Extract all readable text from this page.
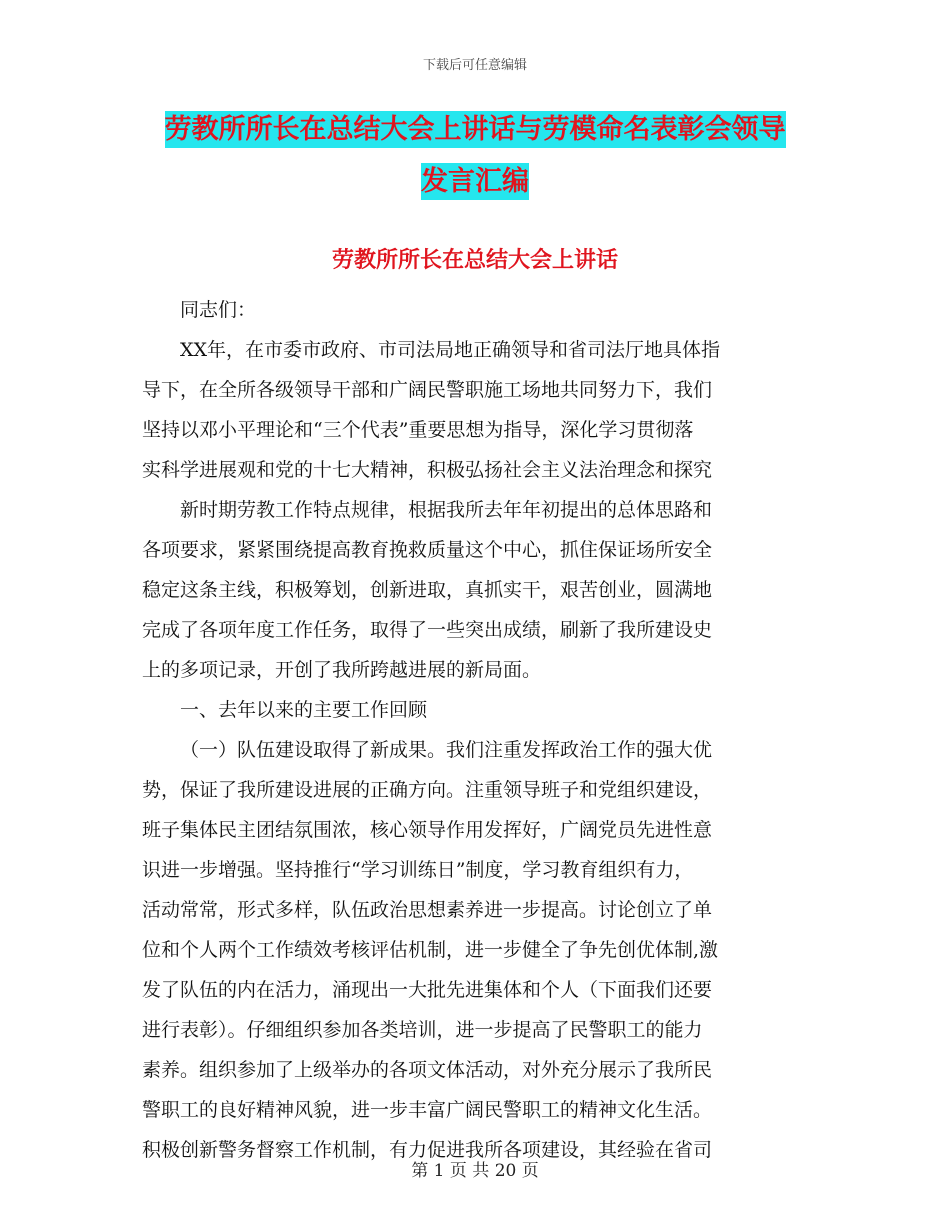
下载后可任意编辑
劳教所所长在总结大会上讲话与劳模命名表彰会领导
发言汇编
劳教所所长在总结大会上讲话

同志们：

XX年，在市委市政府、市司法局地正确领导和省司法厅地具体指
导下，在全所各级领导干部和广阔民警职施工场地共同努力下，我们
坚持以邓小平理论和“三个代表”重要思想为指导，深化学习贯彻落
实科学进展观和党的十七大精神，积极弘扬社会主义法治理念和探究

新时期劳教工作特点规律，根据我所去年年初提出的总体思路和
各项要求，紧紧围绕提高教育挽救质量这个中心，抓住保证场所安全
稳定这条主线，积极筹划，创新进取，真抓实干，艰苦创业，圆满地
完成了各项年度工作任务，取得了一些突出成绩，刷新了我所建设史
上的多项记录，开创了我所跨越进展的新局面。

一、去年以来的主要工作回顾

（一）队伍建设取得了新成果。我们注重发挥政治工作的强大优
势，保证了我所建设进展的正确方向。注重领导班子和党组织建设，
班子集体民主团结氛围浓，核心领导作用发挥好，广阔党员先进性意
识进一步增强。坚持推行“学习训练日”制度，学习教育组织有力，
活动常常，形式多样，队伍政治思想素养进一步提高。讨论创立了单
位和个人两个工作绩效考核评估机制，进一步健全了争先创优体制,激
发了队伍的内在活力，涌现出一大批先进集体和个人（下面我们还要
进行表彰）。仔细组织参加各类培训，进一步提高了民警职工的能力
素养。组织参加了上级举办的各项文体活动，对外充分展示了我所民
警职工的良好精神风貌，进一步丰富广阔民警职工的精神文化生活。
积极创新警务督察工作机制，有力促进我所各项建设，其经验在省司

第 1 页 共 20 页
